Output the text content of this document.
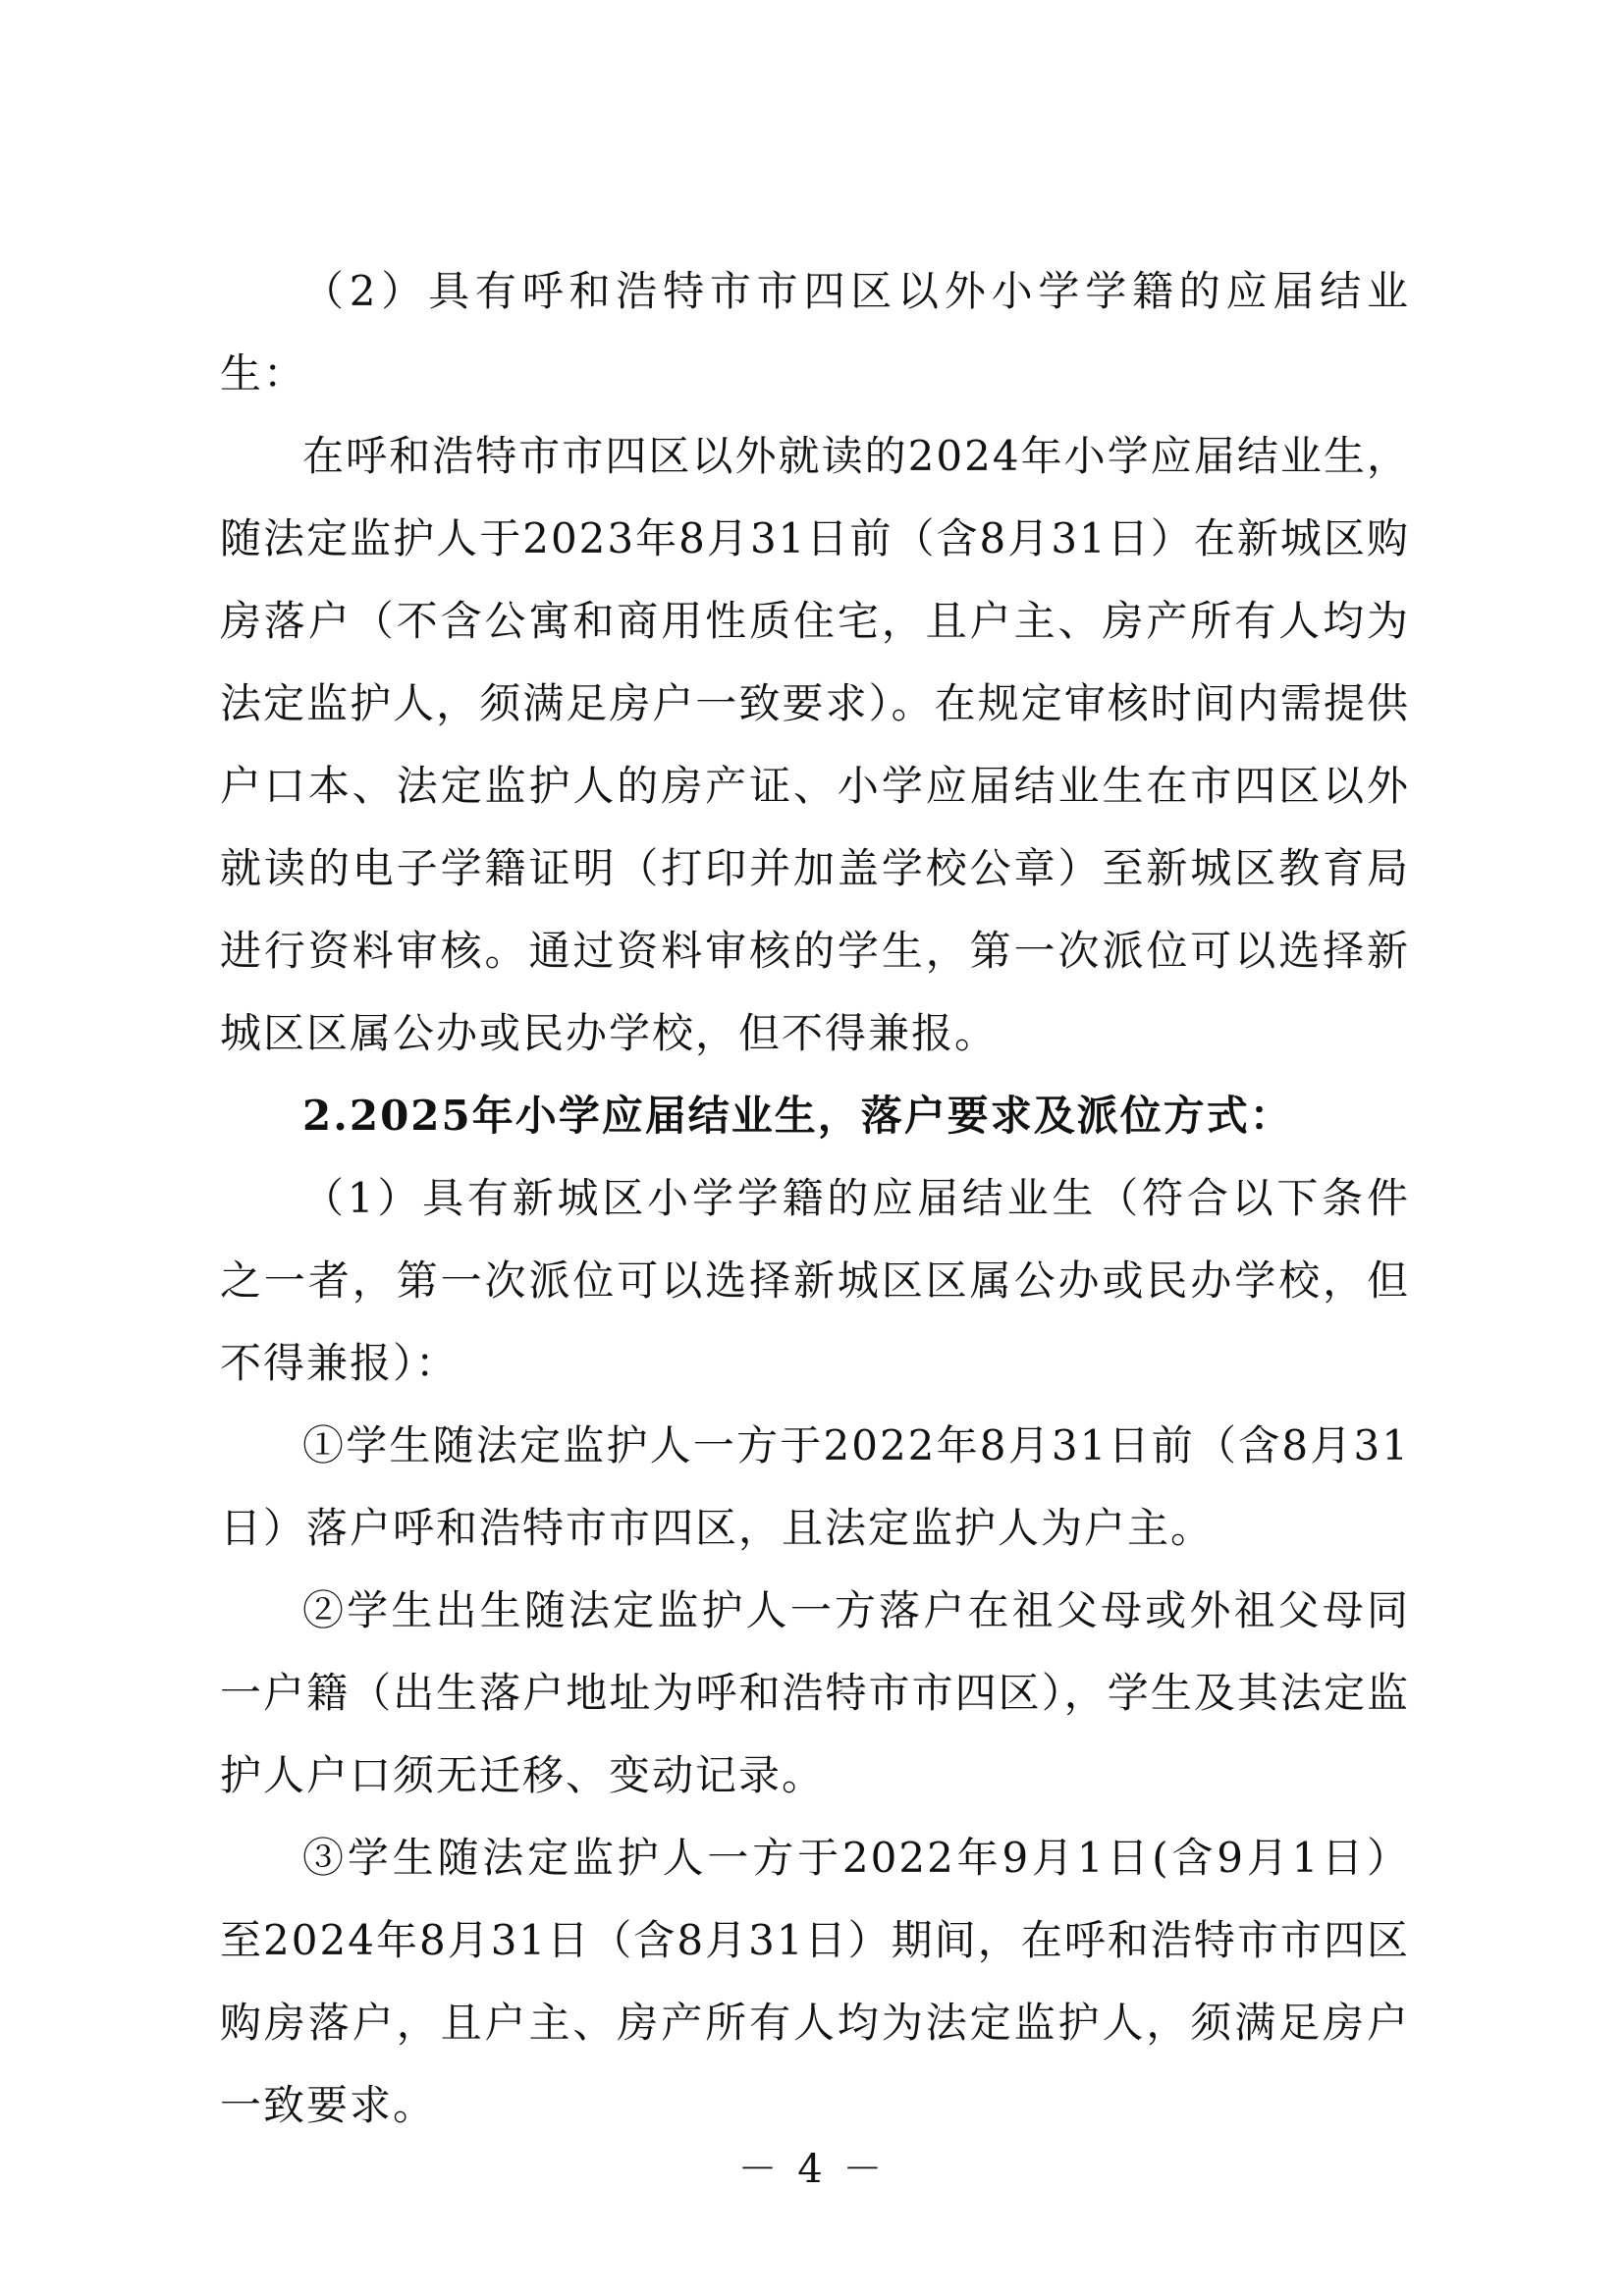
（2）具有呼和浩特市市四区以外小学学籍的应届结业生：

在呼和浩特市市四区以外就读的2024年小学应届结业生，随法定监护人于2023年8月31日前（含8月31日）在新城区购房落户（不含公寓和商用性质住宅，且户主、房产所有人均为法定监护人，须满足房户一致要求）。在规定审核时间内需提供户口本、法定监护人的房产证、小学应届结业生在市四区以外就读的电子学籍证明（打印并加盖学校公章）至新城区教育局进行资料审核。通过资料审核的学生，第一次派位可以选择新城区区属公办或民办学校，但不得兼报。

2.2025年小学应届结业生，落户要求及派位方式：

（1）具有新城区小学学籍的应届结业生（符合以下条件之一者，第一次派位可以选择新城区区属公办或民办学校，但不得兼报）：

①学生随法定监护人一方于2022年8月31日前（含8月31日）落户呼和浩特市市四区，且法定监护人为户主。

②学生出生随法定监护人一方落户在祖父母或外祖父母同一户籍（出生落户地址为呼和浩特市市四区），学生及其法定监护人户口须无迁移、变动记录。

③学生随法定监护人一方于2022年9月1日(含9月1日）至2024年8月31日（含8月31日）期间，在呼和浩特市市四区购房落户，且户主、房产所有人均为法定监护人，须满足房户一致要求。

－ 4 －
